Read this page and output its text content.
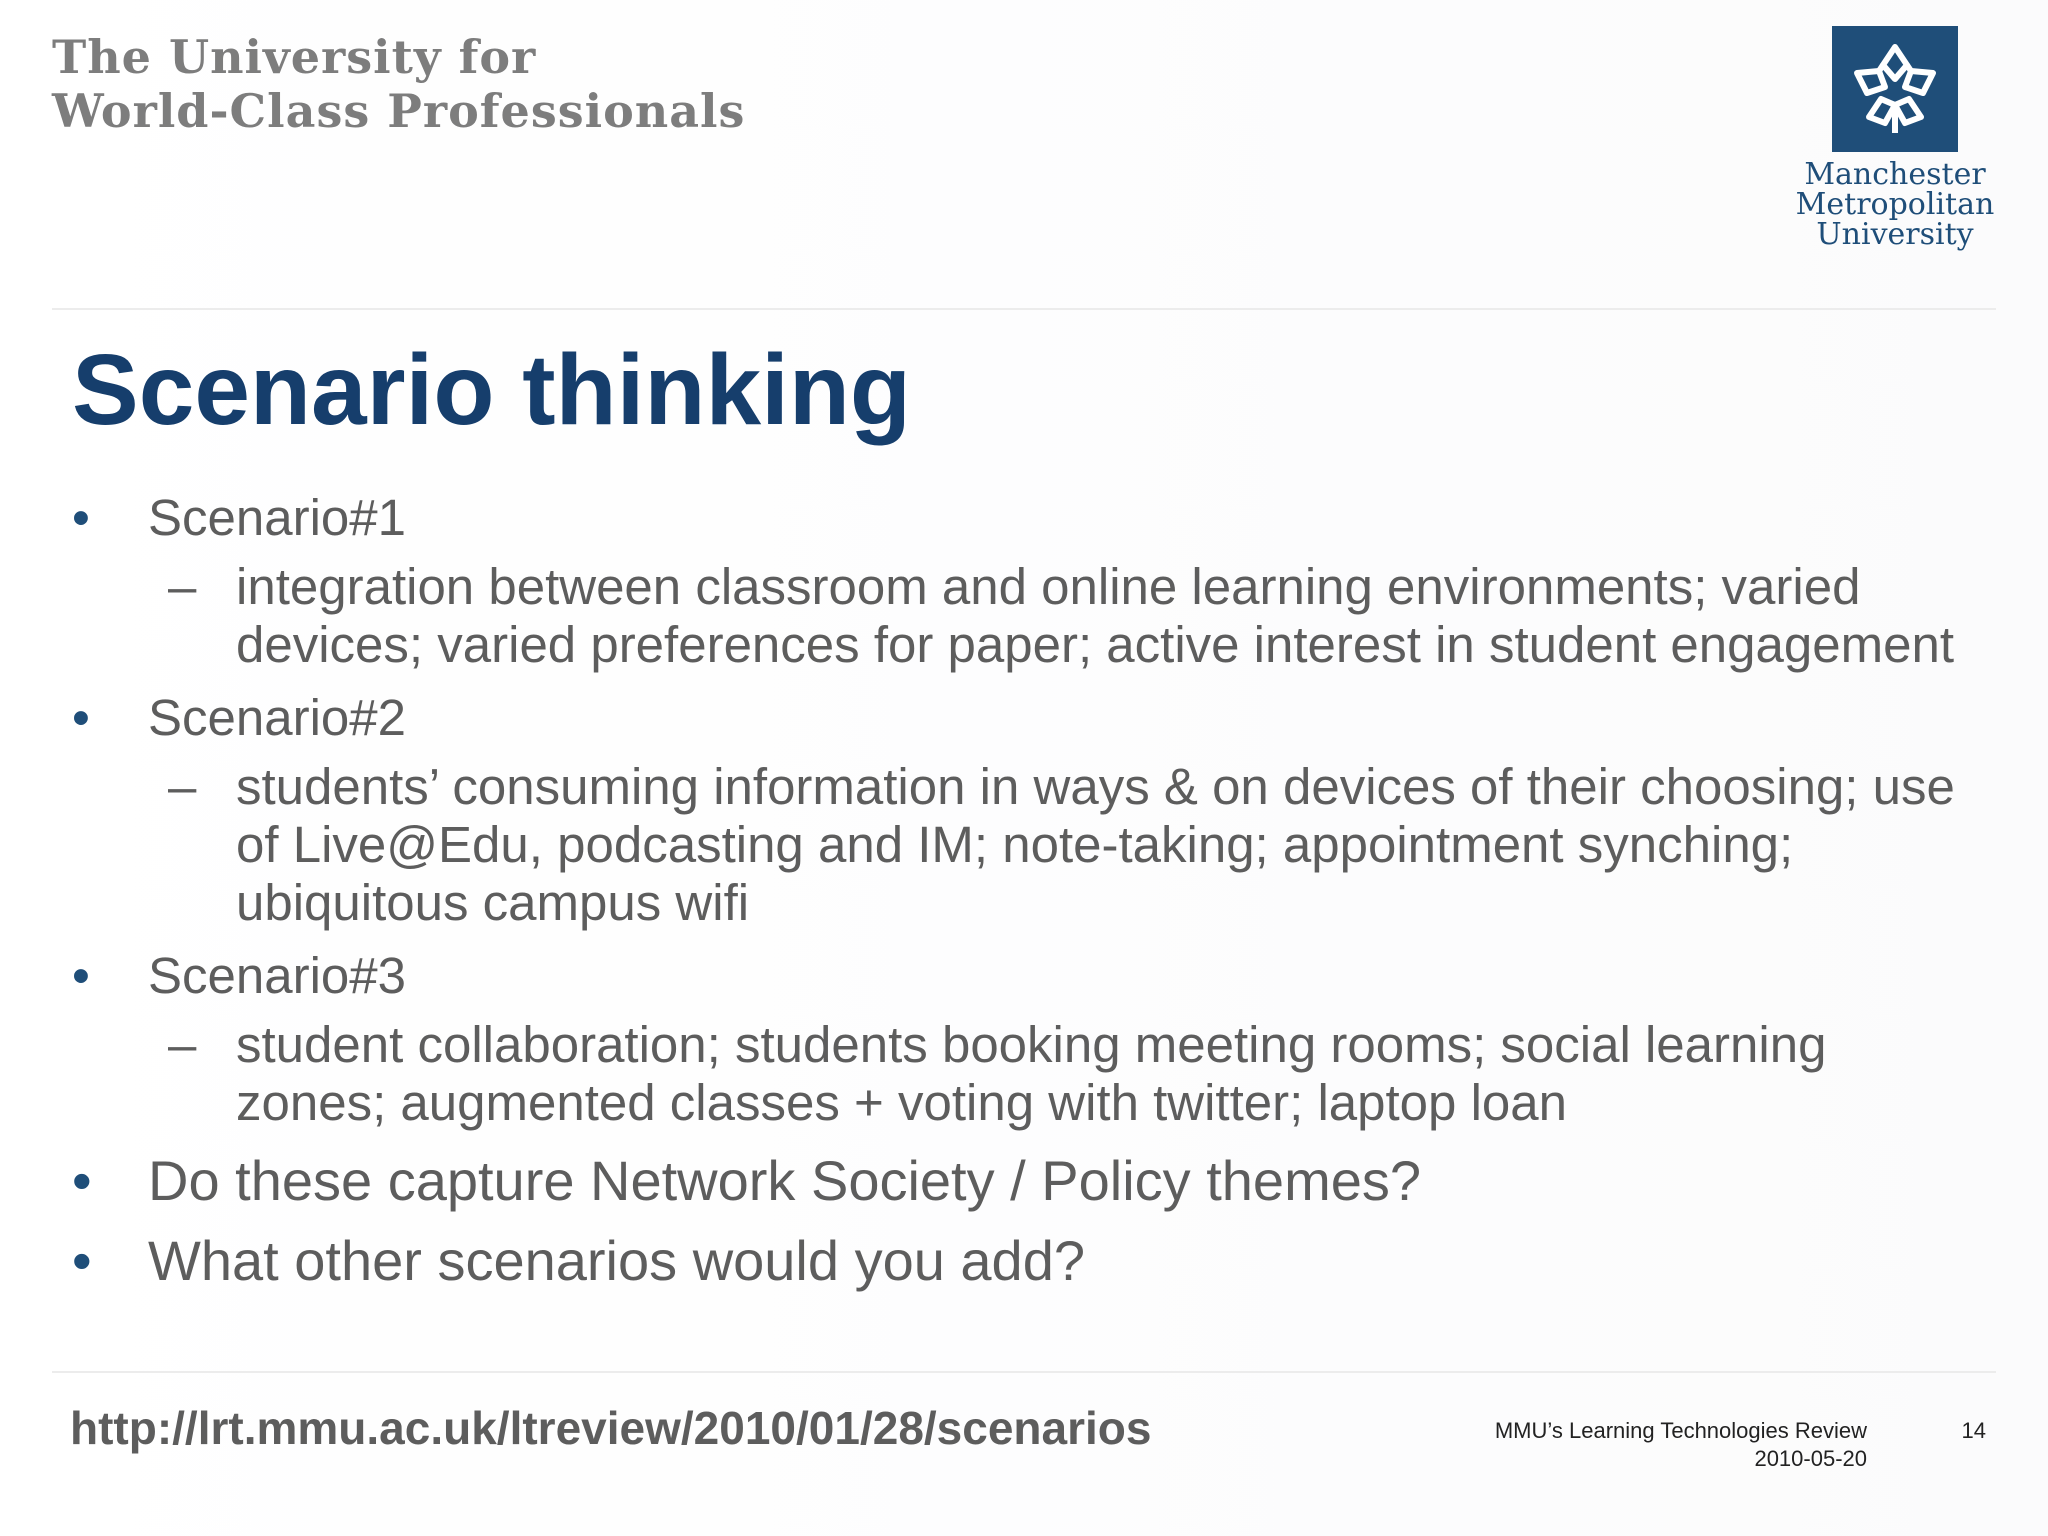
The University for
World-Class Professionals
Manchester
Metropolitan
University
Scenario thinking
•	Scenario#1
– integration between classroom and online learning environments; varied
devices; varied preferences for paper; active interest in student engagement
•	Scenario#2
– students’ consuming information in ways & on devices of their choosing; use
of Live@Edu, podcasting and IM; note-taking; appointment synching;
ubiquitous campus wifi
•	Scenario#3
– student collaboration; students booking meeting rooms; social learning
zones; augmented classes + voting with twitter; laptop loan
•	Do these capture Network Society / Policy themes?
•	What other scenarios would you add?
http://lrt.mmu.ac.uk/ltreview/2010/01/28/scenarios	MMU’s Learning Technologies Review
2010-05-20
14
